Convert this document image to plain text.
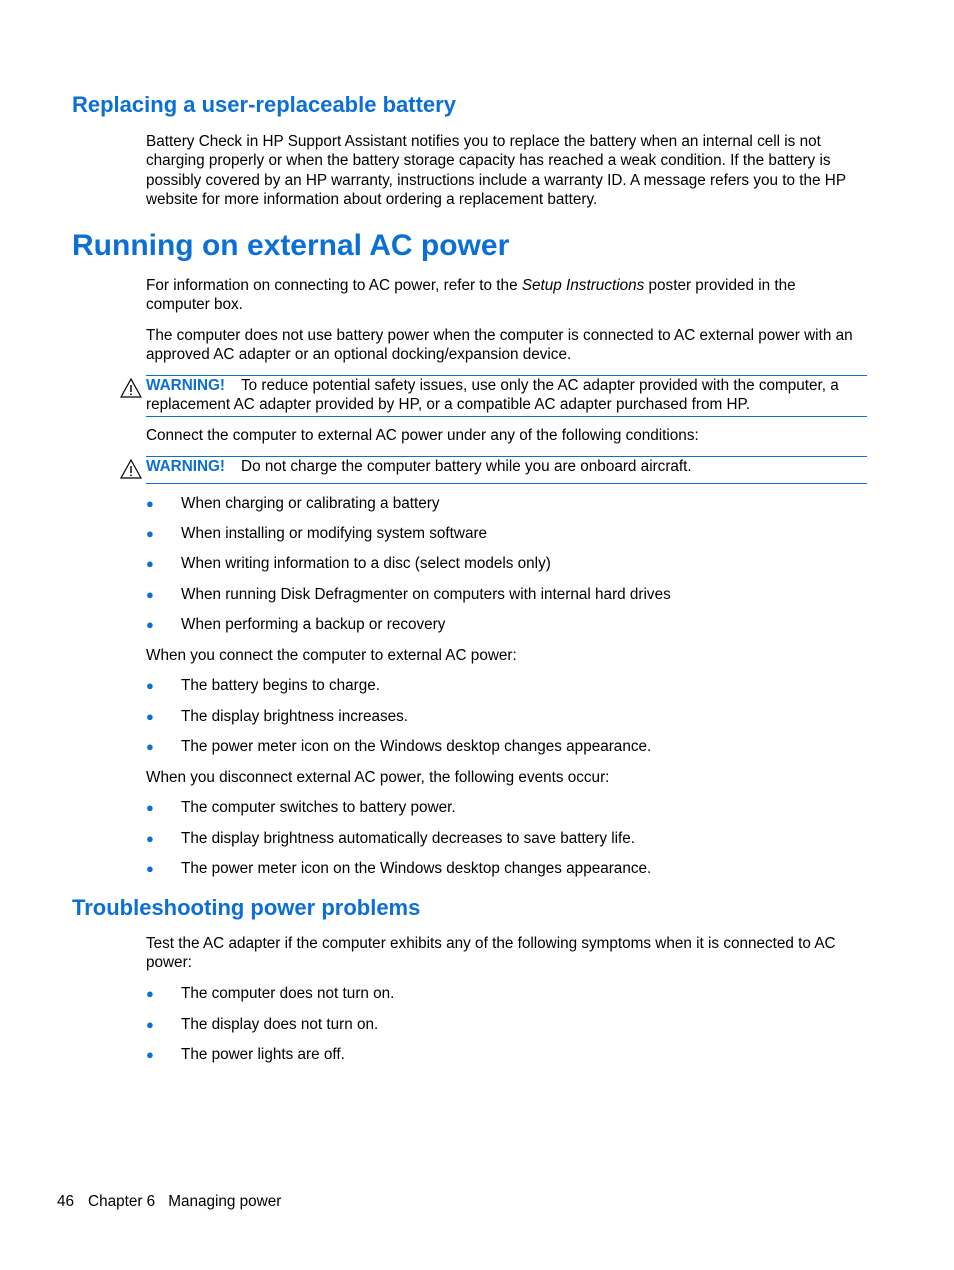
Replacing a user-replaceable battery
Battery Check in HP Support Assistant notifies you to replace the battery when an internal cell is not charging properly or when the battery storage capacity has reached a weak condition. If the battery is possibly covered by an HP warranty, instructions include a warranty ID. A message refers you to the HP website for more information about ordering a replacement battery.
Running on external AC power
For information on connecting to AC power, refer to the Setup Instructions poster provided in the computer box.
The computer does not use battery power when the computer is connected to AC external power with an approved AC adapter or an optional docking/expansion device.
WARNING! To reduce potential safety issues, use only the AC adapter provided with the computer, a replacement AC adapter provided by HP, or a compatible AC adapter purchased from HP.
Connect the computer to external AC power under any of the following conditions:
WARNING! Do not charge the computer battery while you are onboard aircraft.
● When charging or calibrating a battery
● When installing or modifying system software
● When writing information to a disc (select models only)
● When running Disk Defragmenter on computers with internal hard drives
● When performing a backup or recovery
When you connect the computer to external AC power:
● The battery begins to charge.
● The display brightness increases.
● The power meter icon on the Windows desktop changes appearance.
When you disconnect external AC power, the following events occur:
● The computer switches to battery power.
● The display brightness automatically decreases to save battery life.
● The power meter icon on the Windows desktop changes appearance.
Troubleshooting power problems
Test the AC adapter if the computer exhibits any of the following symptoms when it is connected to AC power:
● The computer does not turn on.
● The display does not turn on.
● The power lights are off.
46 Chapter 6 Managing power
